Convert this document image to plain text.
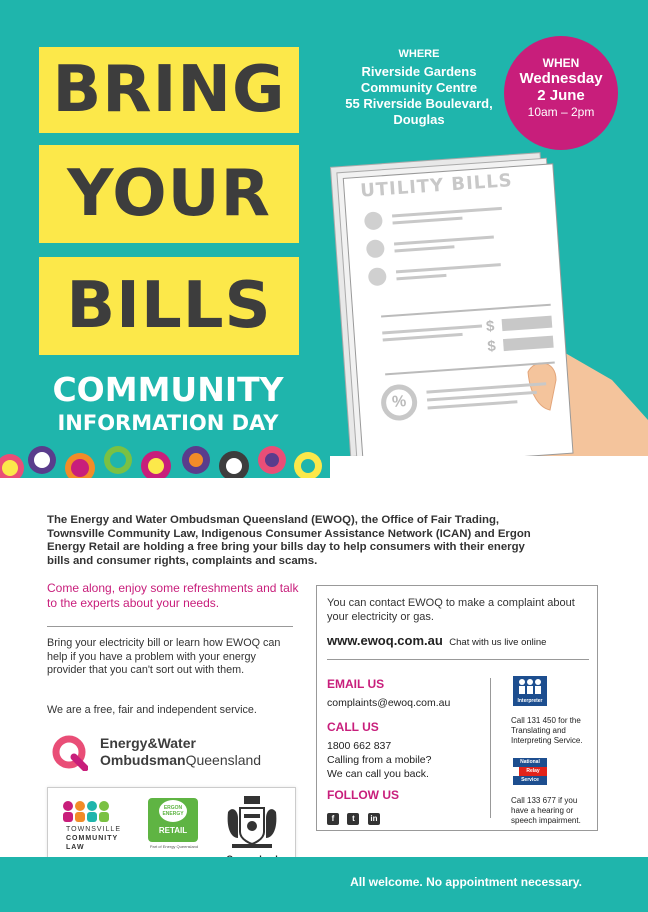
UTILITY BILLS
$
$
%
BRING
YOUR
BILLS
COMMUNITY
INFORMATION DAY
WHERE
Riverside Gardens
Community Centre
55 Riverside Boulevard,
Douglas
WHEN
Wednesday
2 June
10am – 2pm
The Energy and Water Ombudsman Queensland (EWOQ), the Office of Fair Trading, Townsville Community Law, Indigenous Consumer Assistance Network (ICAN) and Ergon Energy Retail are holding a free bring your bills day to help consumers with their energy bills and consumer rights, complaints and scams.
Come along, enjoy some refreshments and talk to the experts about your needs.
Bring your electricity bill or learn how EWOQ can help if you have a problem with your energy provider that you can't sort out with them.
We are a free, fair and independent service.
Energy&Water
OmbudsmanQueensland
TOWNSVILLE
COMMUNITY
LAW
ERGON ENERGY
RETAIL
Part of Energy Queensland
You can contact EWOQ to make a complaint about your electricity or gas.
www.ewoq.com.au Chat with us live online
EMAIL US
complaints@ewoq.com.au
CALL US
1800 662 837
Calling from a mobile?
We can call you back.
FOLLOW US
f t in
Interpreter
Call 131 450 for the Translating and Interpreting Service.
National
Relay
Service
Call 133 677 if you have a hearing or speech impairment.
All welcome. No appointment necessary.
